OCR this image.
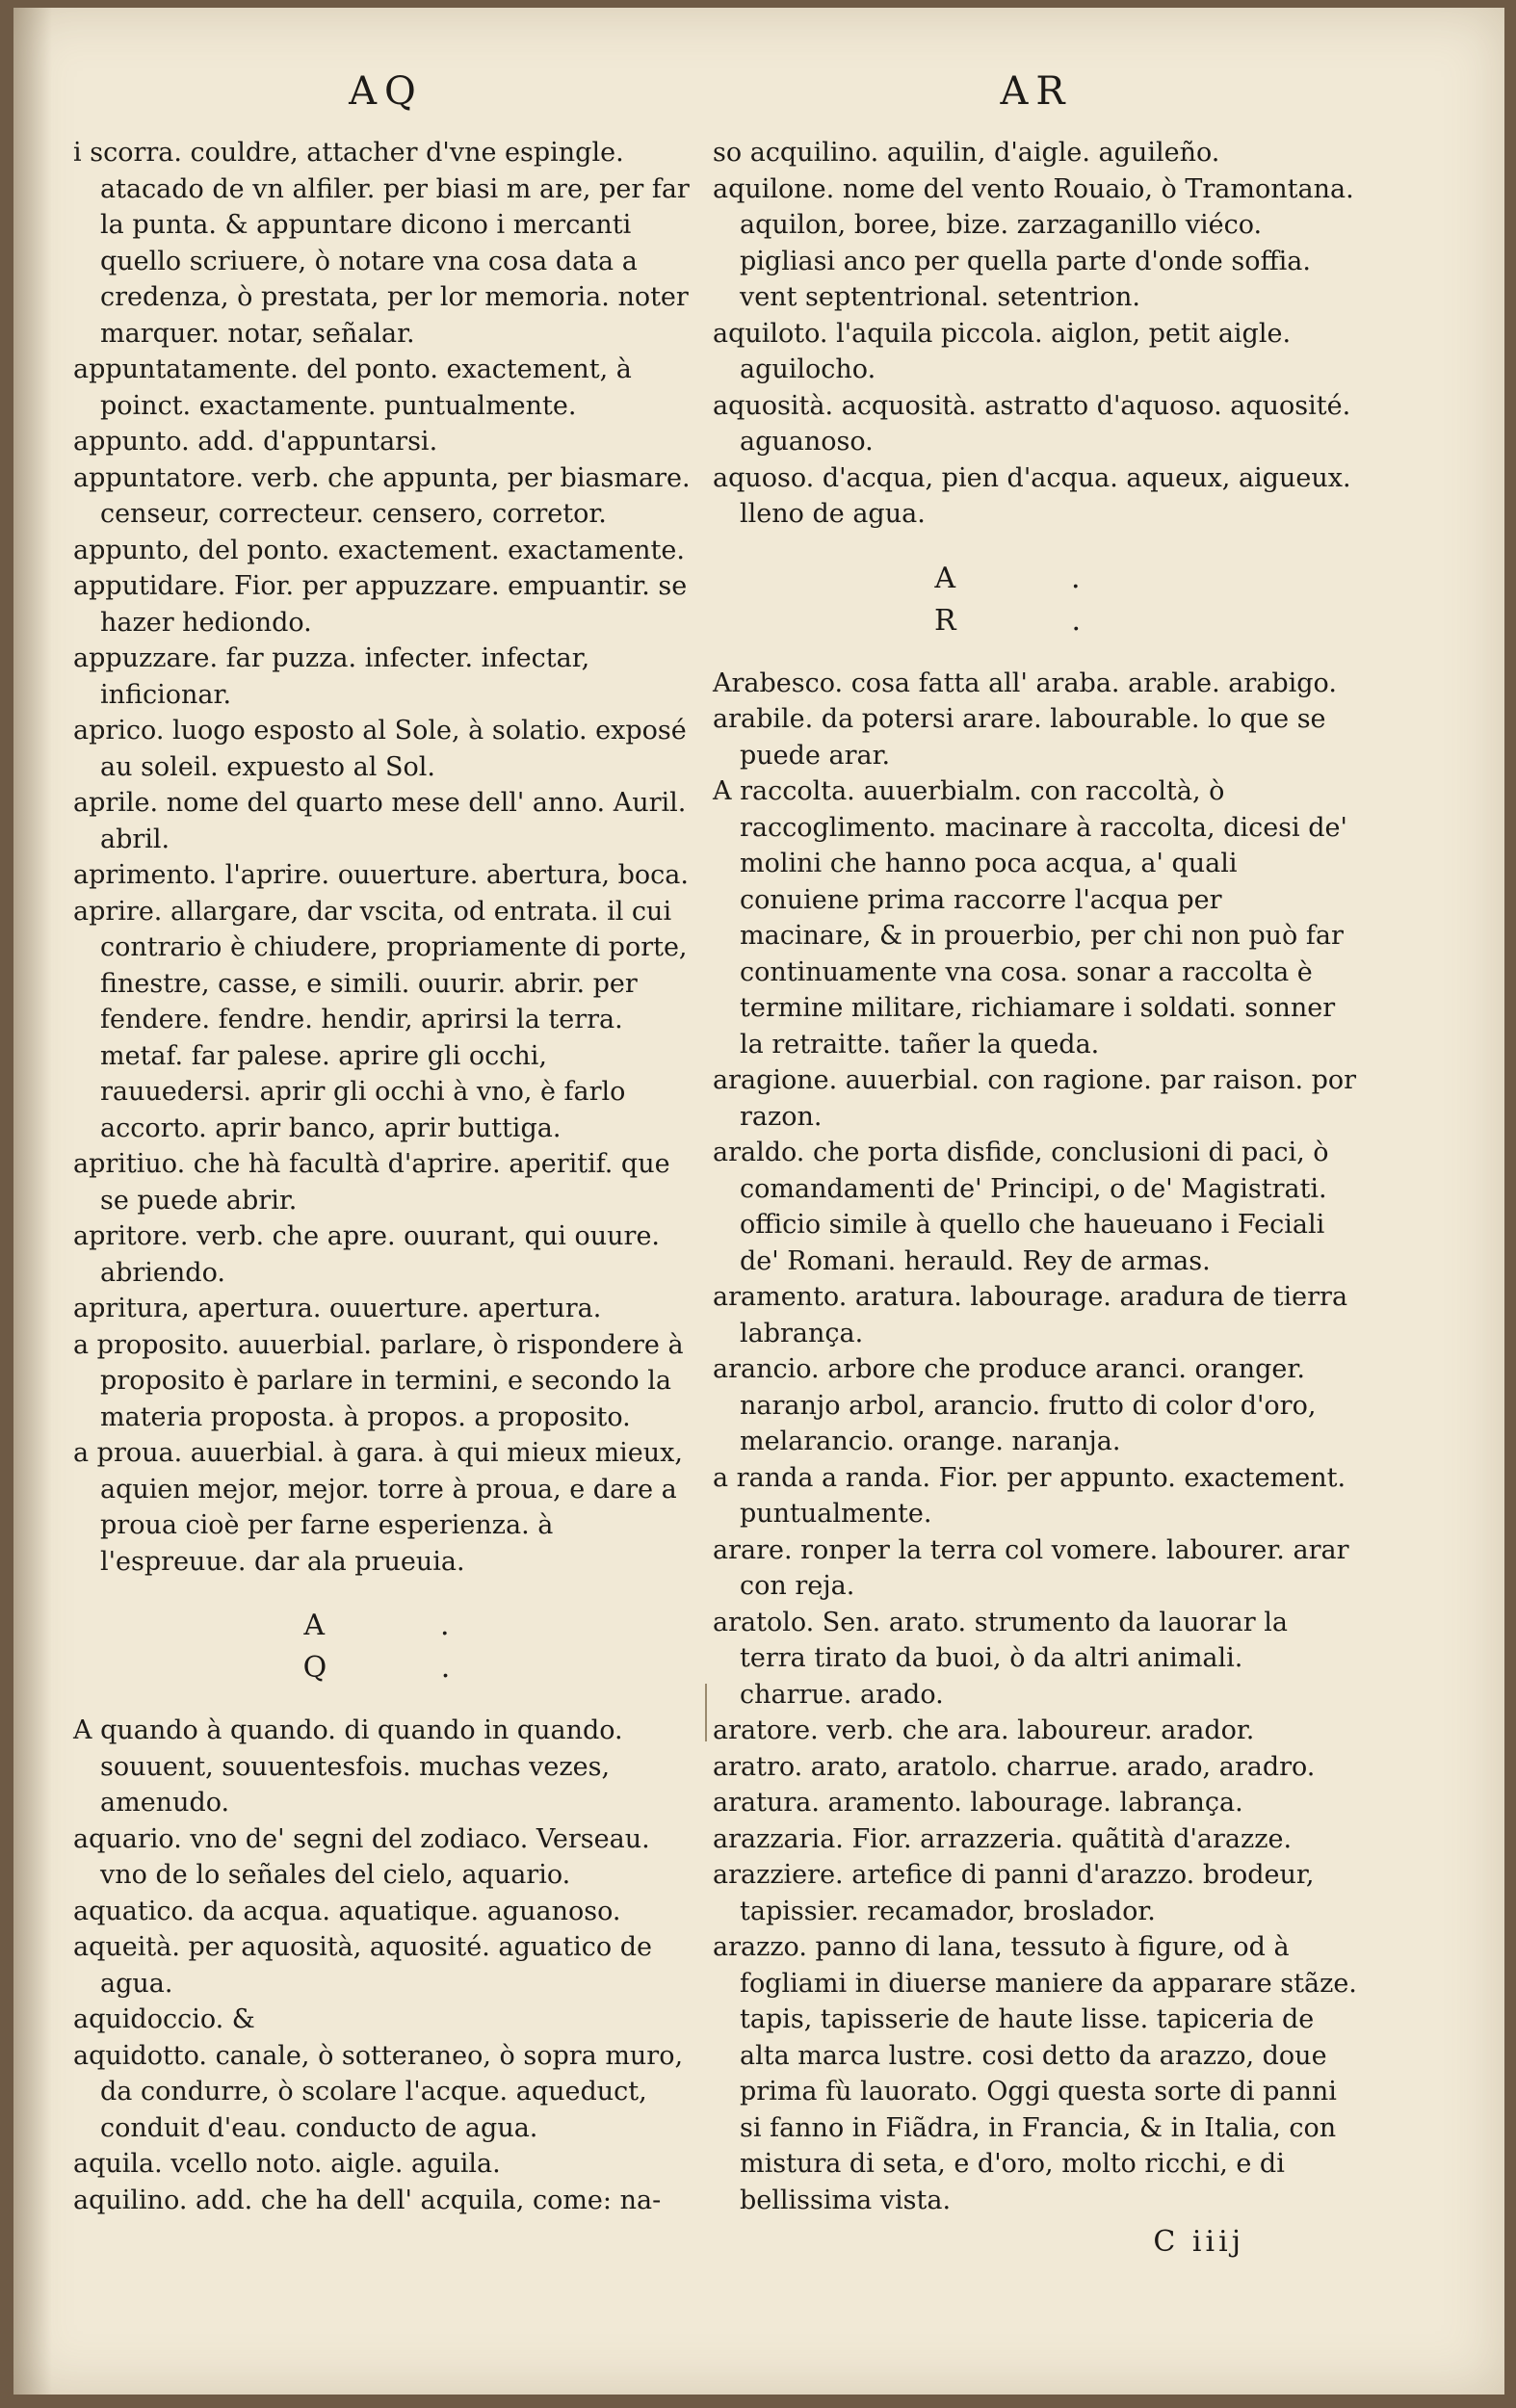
AQ

i scorra. couldre, attacher d'vne espingle. atacado de vn alfiler. per biasi m are, per far la punta. & appuntare dicono i mercanti quello scriuere, ò notare vna cosa data a credenza, ò prestata, per lor memoria. noter marquer. notar, señalar.

appuntatamente. del ponto. exactement, à poinct. exactamente. puntualmente.

appunto. add. d'appuntarsi.

appuntatore. verb. che appunta, per biasmare. censeur, correcteur. censero, corretor.

appunto, del ponto. exactement. exactamente.

apputidare. Fior. per appuzzare. empuantir. se hazer hediondo.

appuzzare. far puzza. infecter. infectar, inficionar.

aprico. luogo esposto al Sole, à solatio. exposé au soleil. expuesto al Sol.

aprile. nome del quarto mese dell' anno. Auril. abril.

aprimento. l'aprire. ouuerture. abertura, boca.

aprire. allargare, dar vscita, od entrata. il cui contrario è chiudere, propriamente di porte, finestre, casse, e simili. ouurir. abrir. per fendere. fendre. hendir, aprirsi la terra. metaf. far palese. aprire gli occhi, rauuedersi. aprir gli occhi à vno, è farlo accorto. aprir banco, aprir buttiga.

apritiuo. che hà facultà d'aprire. aperitif. que se puede abrir.

apritore. verb. che apre. ouurant, qui ouure. abriendo.

apritura, apertura. ouuerture. apertura.

a proposito. auuerbial. parlare, ò rispondere à proposito è parlare in termini, e secondo la materia proposta. à propos. a proposito.

a proua. auuerbial. à gara. à qui mieux mieux, aquien mejor, mejor. torre à proua, e dare a proua cioè per farne esperienza. à l'espreuue. dar ala prueuia.

A. Q.

A quando à quando. di quando in quando. souuent, souuentesfois. muchas vezes, amenudo.

aquario. vno de' segni del zodiaco. Verseau. vno de lo señales del cielo, aquario.

aquatico. da acqua. aquatique. aguanoso.

aqueità. per aquosità, aquosité. aguatico de agua.

aquidoccio. &

aquidotto. canale, ò sotteraneo, ò sopra muro, da condurre, ò scolare l'acque. aqueduct, conduit d'eau. conducto de agua.

aquila. vcello noto. aigle. aguila.

aquilino. add. che ha dell' acquila, come: na-

AR

so acquilino. aquilin, d'aigle. aguileño.

aquilone. nome del vento Rouaio, ò Tramontana. aquilon, boree, bize. zarzaganillo viéco. pigliasi anco per quella parte d'onde soffia. vent septentrional. setentrion.

aquiloto. l'aquila piccola. aiglon, petit aigle. aguilocho.

aquosità. acquosità. astratto d'aquoso. aquosité. aguanoso.

aquoso. d'acqua, pien d'acqua. aqueux, aigueux. lleno de agua.

A. R.

Arabesco. cosa fatta all' araba. arable. arabigo.

arabile. da potersi arare. labourable. lo que se puede arar.

A raccolta. auuerbialm. con raccoltà, ò raccoglimento. macinare à raccolta, dicesi de' molini che hanno poca acqua, a' quali conuiene prima raccorre l'acqua per macinare, & in prouerbio, per chi non può far continuamente vna cosa. sonar a raccolta è termine militare, richiamare i soldati. sonner la retraitte. tañer la queda.

aragione. auuerbial. con ragione. par raison. por razon.

araldo. che porta disfide, conclusioni di paci, ò comandamenti de' Principi, o de' Magistrati. officio simile à quello che haueuano i Feciali de' Romani. herauld. Rey de armas.

aramento. aratura. labourage. aradura de tierra labrança.

arancio. arbore che produce aranci. oranger. naranjo arbol, arancio. frutto di color d'oro, melarancio. orange. naranja.

a randa a randa. Fior. per appunto. exactement. puntualmente.

arare. ronper la terra col vomere. labourer. arar con reja.

aratolo. Sen. arato. strumento da lauorar la terra tirato da buoi, ò da altri animali. charrue. arado.

aratore. verb. che ara. laboureur. arador.

aratro. arato, aratolo. charrue. arado, aradro.

aratura. aramento. labourage. labrança.

arazzaria. Fior. arrazzeria. quãtità d'arazze.

arazziere. artefice di panni d'arazzo. brodeur, tapissier. recamador, broslador.

arazzo. panno di lana, tessuto à figure, od à fogliami in diuerse maniere da apparare stãze. tapis, tapisserie de haute lisse. tapiceria de alta marca lustre. cosi detto da arazzo, doue prima fù lauorato. Oggi questa sorte di panni si fanno in Fiãdra, in Francia, & in Italia, con mistura di seta, e d'oro, molto ricchi, e di bellissima vista.

C iiij
